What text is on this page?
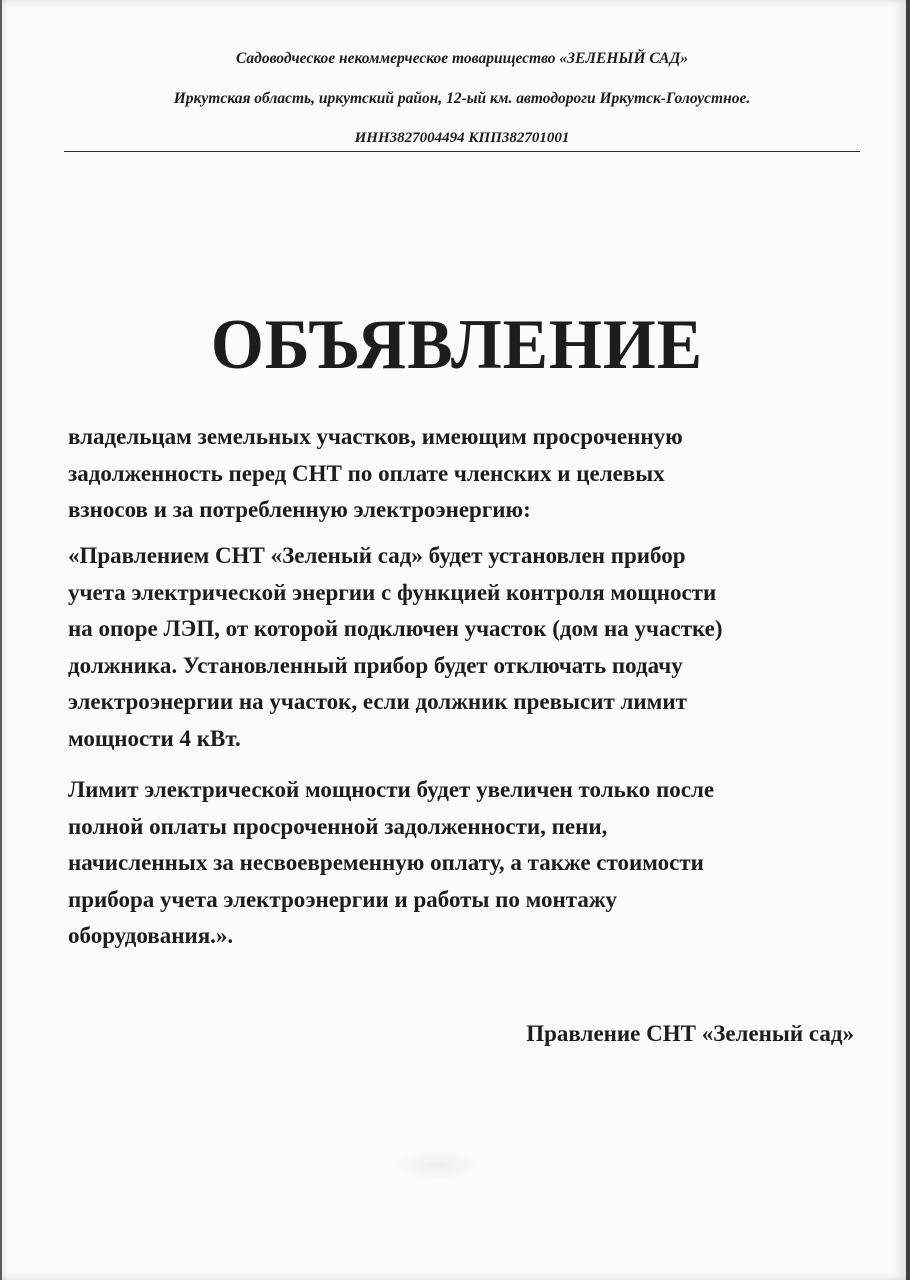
Садоводческое некоммерческое товарищество «ЗЕЛЕНЫЙ САД»
Иркутская область, иркутский район, 12-ый км. автодороги Иркутск-Голоустное.
ИНН3827004494 КПП382701001
ОБЪЯВЛЕНИЕ
владельцам земельных участков, имеющим просроченную
задолженность перед СНТ по оплате членских и целевых
взносов и за потребленную электроэнергию:
«Правлением СНТ «Зеленый сад» будет установлен прибор
учета электрической энергии с функцией контроля мощности
на опоре ЛЭП, от которой подключен участок (дом на участке)
должника. Установленный прибор будет отключать подачу
электроэнергии на участок, если должник превысит лимит
мощности 4 кВт.
Лимит электрической мощности будет увеличен только после
полной оплаты просроченной задолженности, пени,
начисленных за несвоевременную оплату, а также стоимости
прибора учета электроэнергии и работы по монтажу
оборудования.».
Правление СНТ «Зеленый сад»
